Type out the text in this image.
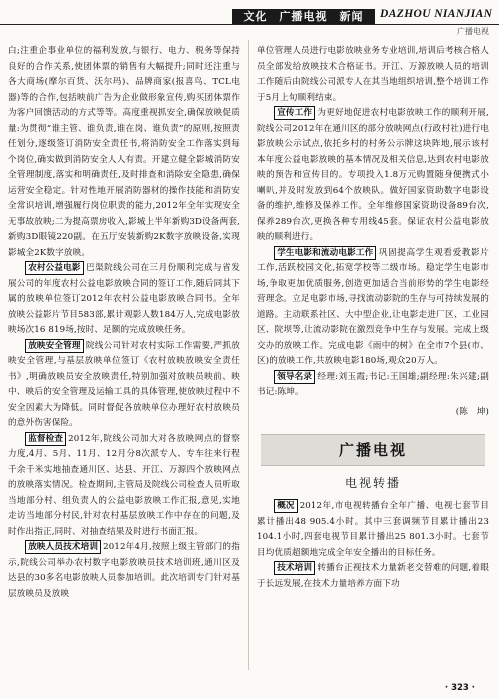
文化　广播电视　新闻	DAZHOU NIANJIAN
广播电视

白;注重企事业单位的福利发放,与银行、电力、税务等保持良好的合作关系,使团体票的销售有大幅提升;同时还注重与各大商场(摩尔百货、沃尔玛)、品牌商家(报喜鸟、TCL电器)等的合作,包括映前广告为企业做形象宣传,购买团体票作为客户回馈活动的方式等等。高度重视抓安全,确保放映促质量:为贯彻“谁主管、谁负责,谁在岗、谁负责”的原则,按照责任划分,逐级签订消防安全责任书,将消防安全工作落实到每个岗位,确实做到消防安全人人有责。开建立健全影城消防安全管理制度,落实和明确责任,及时排查和消除安全隐患,确保运营安全稳定。针对性地开展消防器材的操作技能和消防安全常识培训,增强履行岗位职责的能力,2012年全年实现安全无事故放映;二为提高票房收入,影城上半年新购3D设备两套,新购3D眼镜220副。在五厅安装新购2K数字放映设备,实现影城全2K数字放映。

农村公益电影 巴渠院线公司在三月份顺利完成与省发展公司的年度农村公益电影放映合同的签订工作,随后同其下属的放映单位签订2012年农村公益电影放映合同书。全年放映公益影片节目583部,累计观影人数184万人,完成电影放映场次16 819场,按时、足额的完成放映任务。

放映安全管理 院线公司针对农村实际工作需要,严抓放映安全管理,与基层放映单位签订《农村放映放映安全责任书》,明确放映员安全放映责任,特别加强对放映员映前、映中、映后的安全管理及运输工具的具体管理,使放映过程中不安全因素大为降低。同时督促各放映单位办理好农村放映员的意外伤害保险。

监督检查 2012年,院线公司加大对各放映网点的督察力度,4月、5月、11月、12月分8次派专人、专车往来行程千余千米实地抽查通川区、达县、开江、万源四个放映网点的放映落实情况。检查期间,主管局及院线公司检查人员听取当地部分村、组负责人的公益电影放映工作汇报,意见,实地走访当地部分村民,针对农村基层放映工作中存在的问题,及时作出指正,同时、对抽查结果及时进行书面汇报。

放映人员技术培训 2012年4月,按照上级主管部门的指示,院线公司举办农村数字电影放映员技术培训班,通川区及达县的30多名电影放映人员参加培训。此次培训专门针对基层放映员及放映

单位管理人员进行电影放映业务专业培训,培训后考核合格人员全部发给放映技术合格证书。开江、万源放映人员的培训工作随后由院线公司派专人在其当地组织培训,整个培训工作于5月上旬顺利结束。

宣传工作 为更好地促进农村电影放映工作的顺利开展,院线公司2012年在通川区的部分放映网点(行政村社)进行电影放映公示试点,依托乡村的村务公示牌这块阵地,展示该村本年度公益电影放映的基本情况及相关信息,达到农村电影放映的预告和宣传目的。专项投入1.8万元购置随身便携式小喇叭,并及时发放到64个放映队。做好国家资助数字电影设备的维护,维修及保养工作。全年维修国家资助设备89台次,保养289台次,更换各种专用线45套。保证农村公益电影放映的顺利进行。

学生电影和流动电影工作 巩固提高学生观看爱教影片工作,活跃校园文化,拓宽学校等二级市场。稳定学生电影市场,争取更加优质服务,创造更加适合当前形势的学生电影经营理念。立足电影市场,寻找流动影院的生存与可持续发展的道路。主动联系社区、大中型企业,让电影走进厂区、工业园区、院坝等,让流动影院在激烈竞争中生存与发展。完成上级交办的放映工作。完成电影《雨中的树》在全市7个县(市、区)的放映工作,共放映电影180场,观众20万人。

领导名录 经理:刘玉霞;书记:王国雄;副经理:朱兴建;副书记:陈坤。

(陈　坤)

广播电视
电视转播

概况 2012年,市电视转播台全年广播、电视七套节目累计播出48 905.4小时。其中三套调频节目累计播出23 104.1小时,四套电视节目累计播出25 801.3小时。七套节目均优质超额地完成全年安全播出的目标任务。

技术培训 转播台正视技术力量新老交替难的问题,着眼于长远发展,在技术力量培养方面下功

· 323 ·
